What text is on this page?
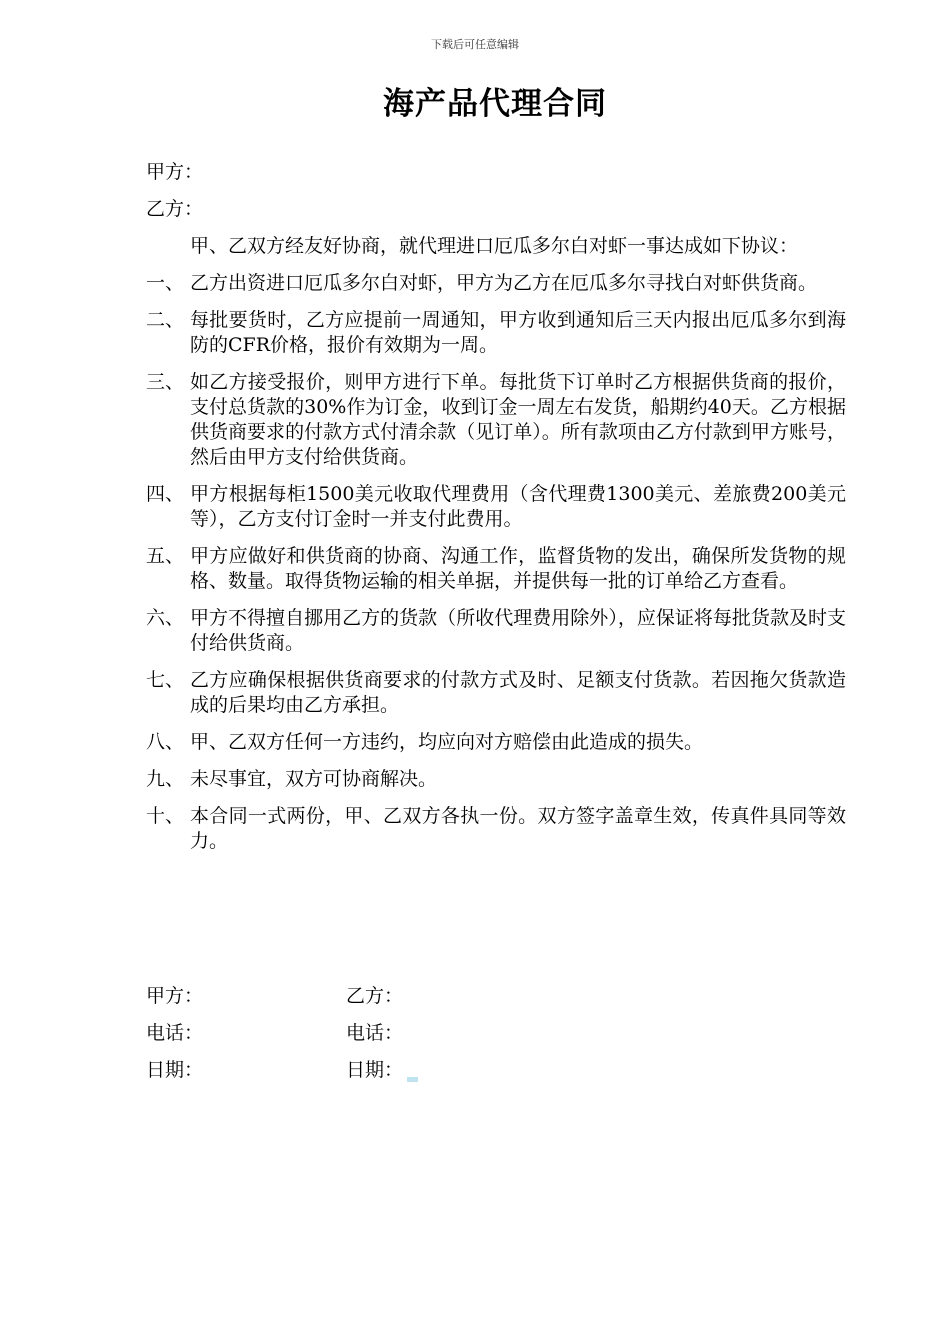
下载后可任意编辑
海产品代理合同
甲方：
乙方：
甲、乙双方经友好协商，就代理进口厄瓜多尔白对虾一事达成如下协议：
一、 乙方出资进口厄瓜多尔白对虾，甲方为乙方在厄瓜多尔寻找白对虾供货商。
二、 每批要货时，乙方应提前一周通知，甲方收到通知后三天内报出厄瓜多尔到海防的CFR价格，报价有效期为一周。
三、 如乙方接受报价，则甲方进行下单。每批货下订单时乙方根据供货商的报价，支付总货款的30%作为订金，收到订金一周左右发货，船期约40天。乙方根据供货商要求的付款方式付清余款（见订单）。所有款项由乙方付款到甲方账号，然后由甲方支付给供货商。
四、 甲方根据每柜1500美元收取代理费用（含代理费1300美元、差旅费200美元等），乙方支付订金时一并支付此费用。
五、 甲方应做好和供货商的协商、沟通工作，监督货物的发出，确保所发货物的规格、数量。取得货物运输的相关单据，并提供每一批的订单给乙方查看。
六、 甲方不得擅自挪用乙方的货款（所收代理费用除外），应保证将每批货款及时支付给供货商。
七、 乙方应确保根据供货商要求的付款方式及时、足额支付货款。若因拖欠货款造成的后果均由乙方承担。
八、 甲、乙双方任何一方违约，均应向对方赔偿由此造成的损失。
九、 未尽事宜，双方可协商解决。
十、 本合同一式两份，甲、乙双方各执一份。双方签字盖章生效，传真件具同等效力。
甲方：	乙方：
电话：	电话：
日期：	日期：
